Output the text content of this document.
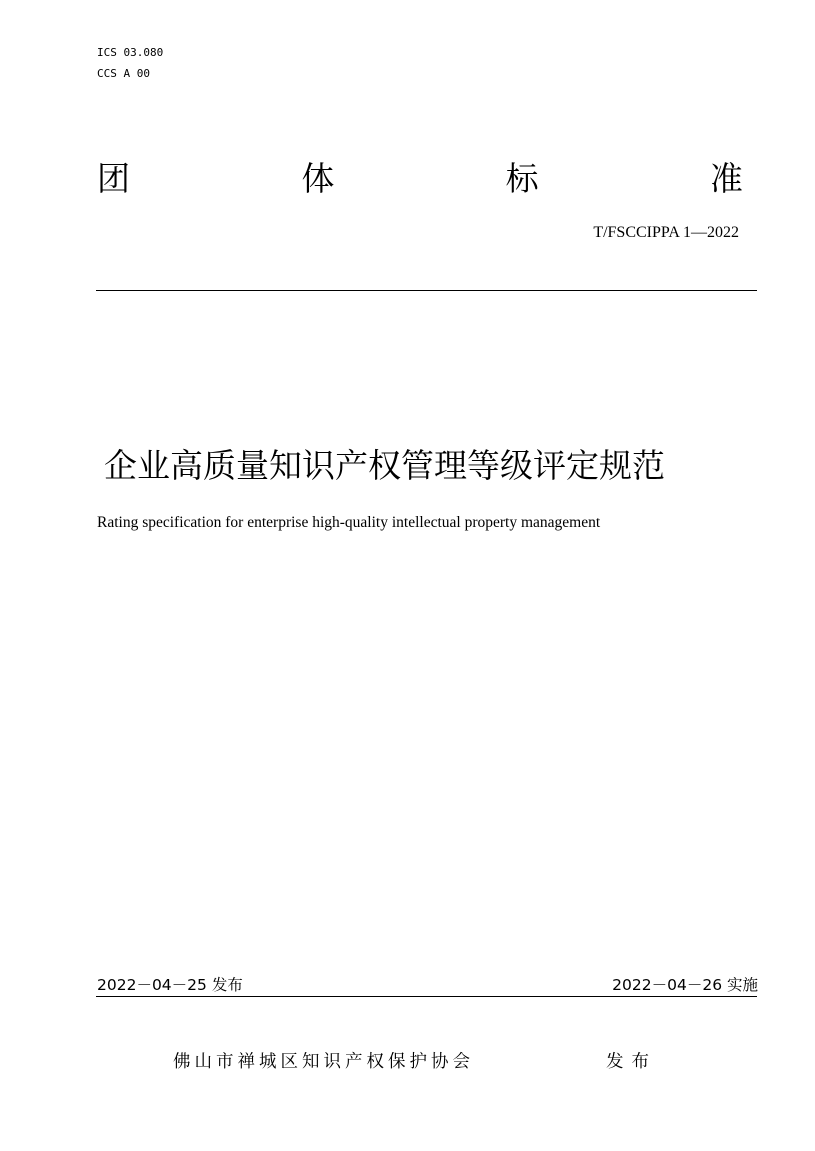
ICS 03.080
CCS A 00
团	体	标	准
T/FSCCIPPA 1—2022
企业高质量知识产权管理等级评定规范
Rating specification for enterprise high-quality intellectual property management
2022－04－25 发布	2022－04－26 实施
佛山市禅城区知识产权保护协会	发布
